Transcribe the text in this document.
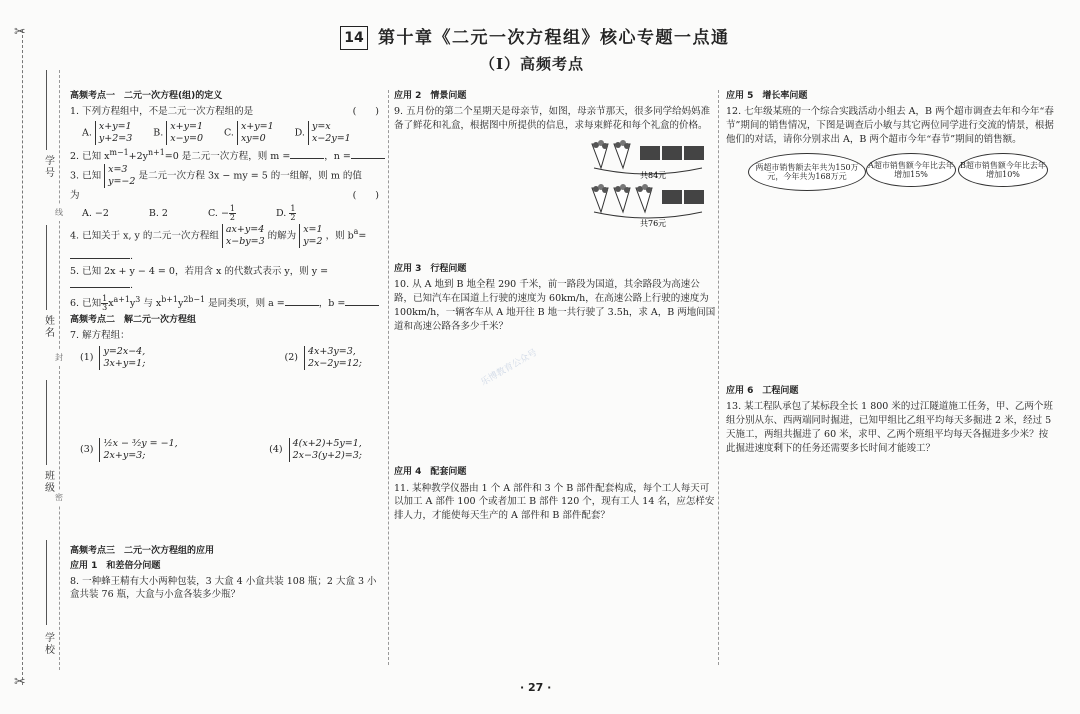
✂
✂
线
封
密
学号
姓名
班级
学校
14 第十章《二元一次方程组》核心专题一点通
（Ⅰ）高频考点
高频考点一　二元一次方程(组)的定义
1. 下列方程组中，不是二元一次方程组的是	(　　)
A.
x+y=1
y+2=3 B.
x+y=1
x−y=0 C.
x+y=1
xy=0	D.
y=x
x−2y=1
2. 已知 $x^{m-1}+2y^{n+1}=0$ 是二元一次方程，则 m =	，n =
3. 已知
x=3
y=−2 是二元一次方程 3x − my = 5 的一组解，则 m 的值
为	(　　)
A. −2	B. 2	C. − $\frac{1}{2}$	D. $\frac{1}{2}$
4. 已知关于 x, y 的二元一次方程组
ax+y=4
x−by=3 的解为
x=1
y=2 ，则 $b^a=$
.
5. 已知 2x + y − 4 = 0，若用含 x 的代数式表示 y，则 y =.
6. 已知 $\frac{1}{3} x^{a+1}y^3$ 与 $x^{b+1}y^{2b-1}$ 是同类项，则 a =	，b =
高频考点二　解二元一次方程组
7. 解方程组：
(1)
y=2x−4,
3x+y=1;
(2)
4x+3y=3,
2x−2y=12;
(3)
½x − ³⁄₂y = −1,
2x+y=3;
(4)
4(x+2)+5y=1,
2x−3(y+2)=3;
高频考点三　二元一次方程组的应用
应用 1　和差倍分问题
8. 一种蜂王精有大小两种包装，3 大盒 4 小盒共装 108 瓶；2 大盒 3 小盒共装 76 瓶，大盒与小盒各装多少瓶？
应用 2　情景问题
9. 五月份的第二个星期天是母亲节，如图，母亲节那天，很多同学给妈妈准备了鲜花和礼盒，根据图中所提供的信息，求每束鲜花和每个礼盒的价格。
共84元
共76元
应用 3　行程问题
10. 从 A 地到 B 地全程 290 千米，前一路段为国道，其余路段为高速公路，已知汽车在国道上行驶的速度为 60km/h，在高速公路上行驶的速度为 100km/h，一辆客车从 A 地开往 B 地一共行驶了 3.5h，求 A，B 两地间国道和高速公路各多少千米？
应用 4　配套问题
11. 某种教学仪器由 1 个 A 部件和 3 个 B 部件配套构成，每个工人每天可以加工 A 部件 100 个或者加工 B 部件 120 个，现有工人 14 名，应怎样安排人力，才能使每天生产的 A 部件和 B 部件配套？
乐博教育公众号
应用 5　增长率问题
12. 七年级某班的一个综合实践活动小组去 A，B 两个超市调查去年和今年“春节”期间的销售情况，下图是调查后小敏与其它两位同学进行交流的情景，根据他们的对话，请你分别求出 A，B 两个超市今年“春节”期间的销售额。
两超市销售额去年共为150万元，今年共为168万元
A超市销售额今年比去年增加15%
B超市销售额今年比去年增加10%
应用 6　工程问题
13. 某工程队承包了某标段全长 1 800 米的过江隧道施工任务，甲、乙两个班组分别从东、西两端同时掘进，已知甲组比乙组平均每天多掘进 2 米，经过 5 天施工，两组共掘进了 60 米，求甲、乙两个班组平均每天各掘进多少米？按此掘进速度剩下的任务还需要多长时间才能竣工？
· 27 ·
